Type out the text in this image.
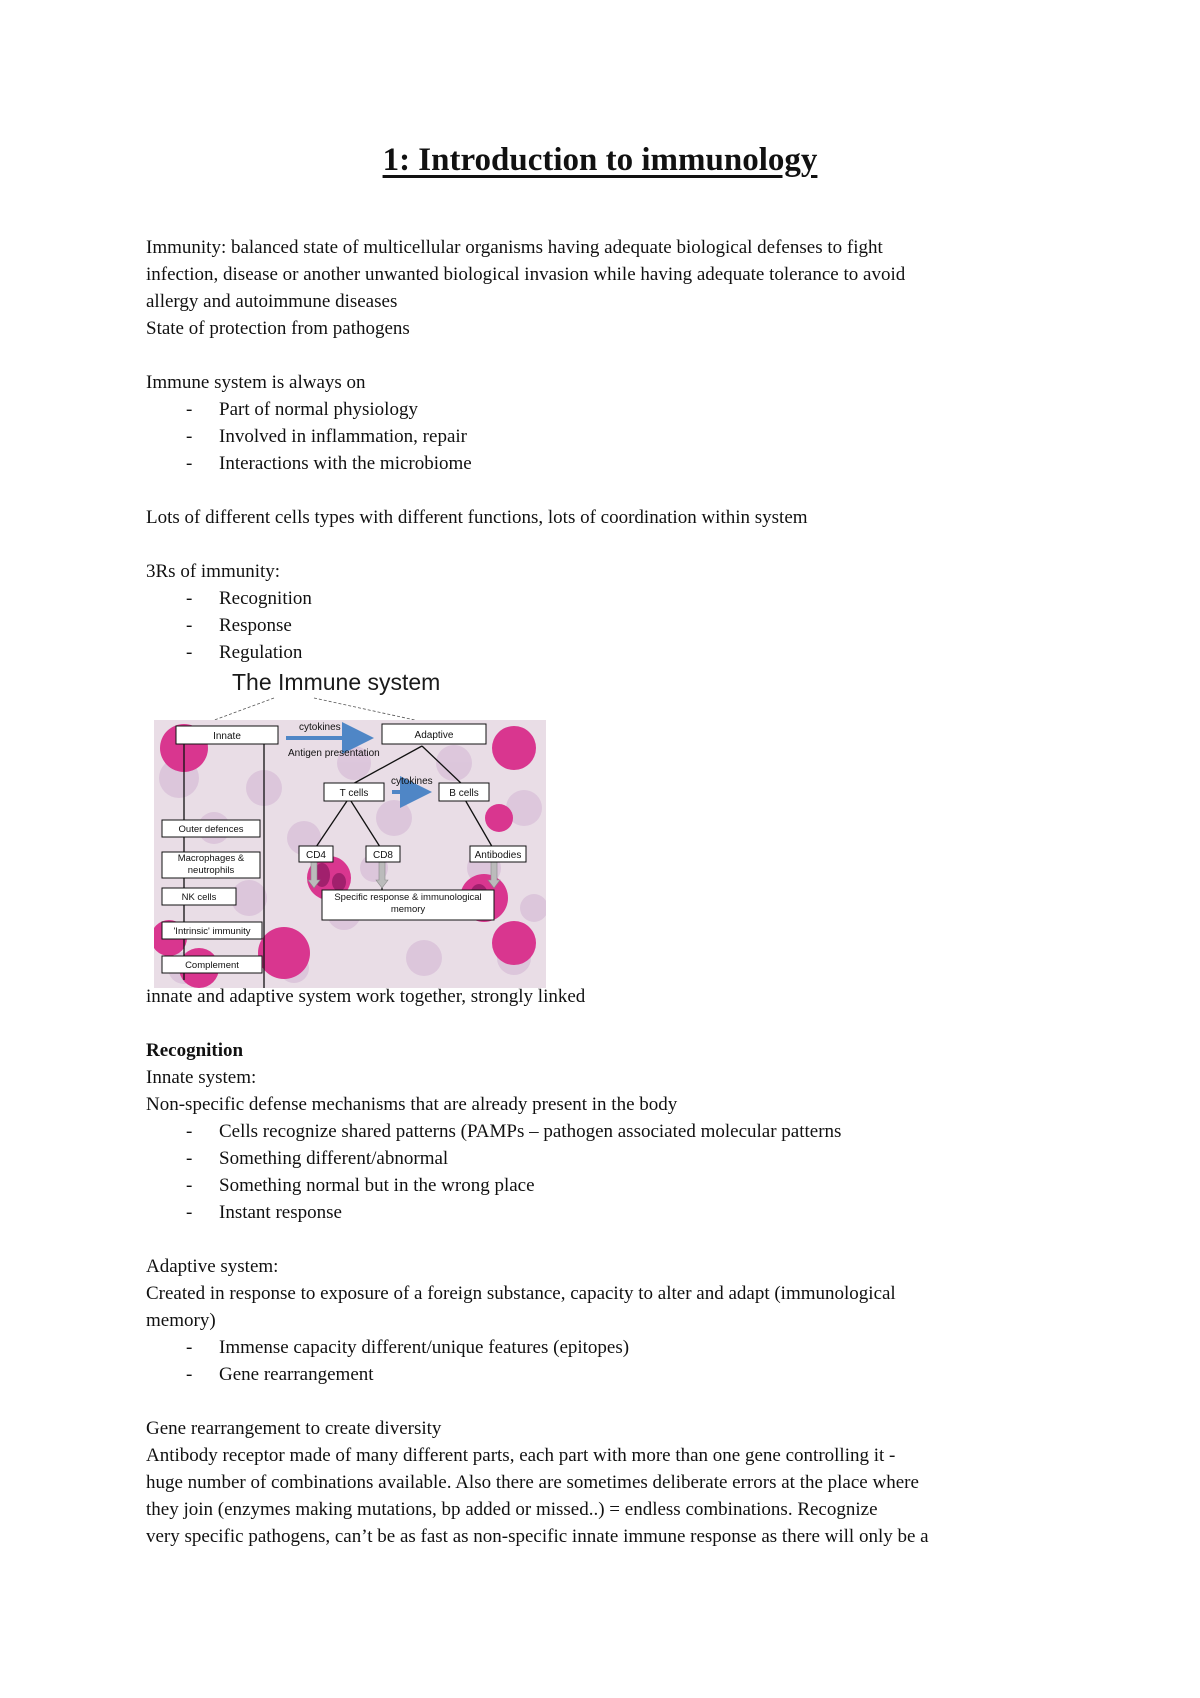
1: Introduction to immunology
Immunity: balanced state of multicellular organisms having adequate biological defenses to fight
infection, disease or another unwanted biological invasion while having adequate tolerance to avoid
allergy and autoimmune diseases
State of protection from pathogens
Immune system is always on
- Part of normal physiology
- Involved in inflammation, repair
- Interactions with the microbiome
Lots of different cells types with different functions, lots of coordination within system
3Rs of immunity:
- Recognition
- Response
- Regulation
The Immune system
cytokines
Antigen presentation
cytokines
Innate	Adaptive
T cells	B cells
CD4	CD8	Antibodies
Specific response & immunological memory
Outer defences
Macrophages & neutrophils
NK cells
'Intrinsic' immunity
Complement
innate and adaptive system work together, strongly linked
Recognition
Innate system:
Non-specific defense mechanisms that are already present in the body
- Cells recognize shared patterns (PAMPs – pathogen associated molecular patterns
- Something different/abnormal
- Something normal but in the wrong place
- Instant response
Adaptive system:
Created in response to exposure of a foreign substance, capacity to alter and adapt (immunological
memory)
- Immense capacity different/unique features (epitopes)
- Gene rearrangement
Gene rearrangement to create diversity
Antibody receptor made of many different parts, each part with more than one gene controlling it -
huge number of combinations available. Also there are sometimes deliberate errors at the place where
they join (enzymes making mutations, bp added or missed..) = endless combinations. Recognize
very specific pathogens, can’t be as fast as non-specific innate immune response as there will only be a
